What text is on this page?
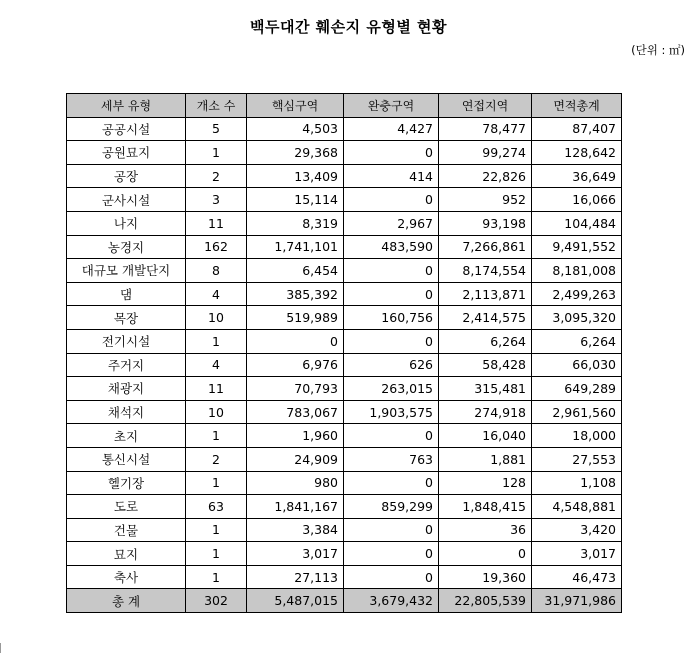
백두대간 훼손지 유형별 현황
(단위 : ㎡)
세부 유형	개소 수	핵심구역	완충구역	연접지역	면적총계
공공시설	5	4,503	4,427	78,477	87,407
공원묘지	1	29,368	0	99,274	128,642
공장	2	13,409	414	22,826	36,649
군사시설	3	15,114	0	952	16,066
나지	11	8,319	2,967	93,198	104,484
농경지	162	1,741,101	483,590	7,266,861	9,491,552
대규모 개발단지	8	6,454	0	8,174,554	8,181,008
댐	4	385,392	0	2,113,871	2,499,263
목장	10	519,989	160,756	2,414,575	3,095,320
전기시설	1	0	0	6,264	6,264
주거지	4	6,976	626	58,428	66,030
채광지	11	70,793	263,015	315,481	649,289
채석지	10	783,067	1,903,575	274,918	2,961,560
초지	1	1,960	0	16,040	18,000
통신시설	2	24,909	763	1,881	27,553
헬기장	1	980	0	128	1,108
도로	63	1,841,167	859,299	1,848,415	4,548,881
건물	1	3,384	0	36	3,420
묘지	1	3,017	0	0	3,017
축사	1	27,113	0	19,360	46,473
총 계	302	5,487,015	3,679,432	22,805,539	31,971,986
